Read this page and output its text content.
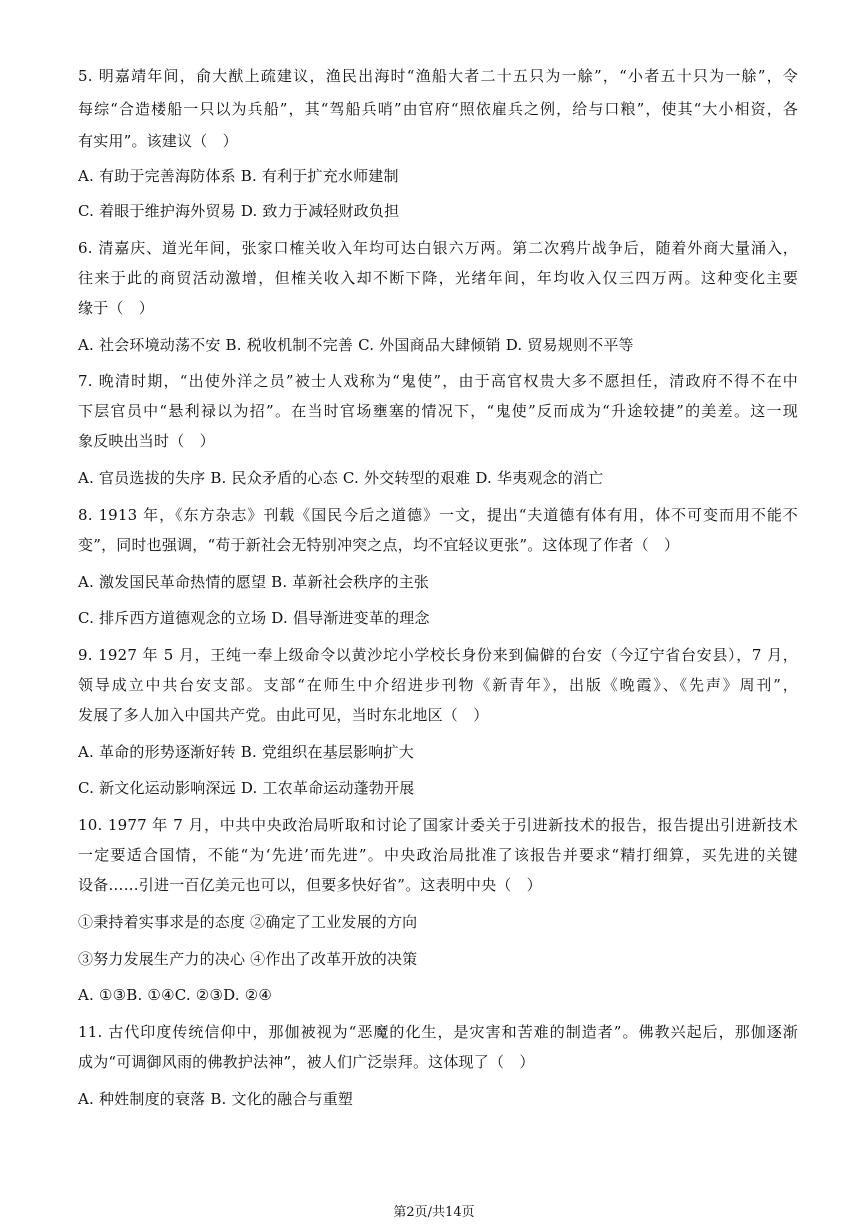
5. 明嘉靖年间，俞大猷上疏建议，渔民出海时“渔船大者二十五只为一艅”，“小者五十只为一艅”，令
每综“合造楼船一只以为兵船”，其“驾船兵哨”由官府“照依雇兵之例，给与口粮”，使其“大小相资，各
有实用”。该建议（　）
A. 有助于完善海防体系 B. 有利于扩充水师建制
C. 着眼于维护海外贸易 D. 致力于减轻财政负担
6. 清嘉庆、道光年间，张家口榷关收入年均可达白银六万两。第二次鸦片战争后，随着外商大量涌入，
往来于此的商贸活动激增，但榷关收入却不断下降，光绪年间，年均收入仅三四万两。这种变化主要
缘于（　）
A. 社会环境动荡不安 B. 税收机制不完善 C. 外国商品大肆倾销 D. 贸易规则不平等
7. 晚清时期，“出使外洋之员”被士人戏称为“鬼使”，由于高官权贵大多不愿担任，清政府不得不在中
下层官员中“悬利禄以为招”。在当时官场壅塞的情况下，“鬼使”反而成为“升途较捷”的美差。这一现
象反映出当时（　）
A. 官员选拔的失序 B. 民众矛盾的心态 C. 外交转型的艰难 D. 华夷观念的消亡
8. 1913 年，《东方杂志》刊载《国民今后之道德》一文，提出“夫道德有体有用，体不可变而用不能不
变”，同时也强调，“苟于新社会无特别冲突之点，均不宜轻议更张”。这体现了作者（　）
A. 激发国民革命热情的愿望 B. 革新社会秩序的主张
C. 排斥西方道德观念的立场 D. 倡导渐进变革的理念
9. 1927 年 5 月，王纯一奉上级命令以黄沙坨小学校长身份来到偏僻的台安（今辽宁省台安县），7 月，
领导成立中共台安支部。支部“在师生中介绍进步刊物《新青年》，出版《晚霞》、《先声》周刊”，
发展了多人加入中国共产党。由此可见，当时东北地区（　）
A. 革命的形势逐渐好转 B. 党组织在基层影响扩大
C. 新文化运动影响深远 D. 工农革命运动蓬勃开展
10. 1977 年 7 月，中共中央政治局听取和讨论了国家计委关于引进新技术的报告，报告提出引进新技术
一定要适合国情，不能“为‘先进’而先进”。中央政治局批准了该报告并要求“精打细算，买先进的关键
设备……引进一百亿美元也可以，但要多快好省”。这表明中央（　）
①秉持着实事求是的态度 ②确定了工业发展的方向
③努力发展生产力的决心 ④作出了改革开放的决策
A. ①③B. ①④C. ②③D. ②④
11. 古代印度传统信仰中，那伽被视为“恶魔的化生，是灾害和苦难的制造者”。佛教兴起后，那伽逐渐
成为“可调御风雨的佛教护法神”，被人们广泛崇拜。这体现了（　）
A. 种姓制度的衰落 B. 文化的融合与重塑
第2页/共14页
